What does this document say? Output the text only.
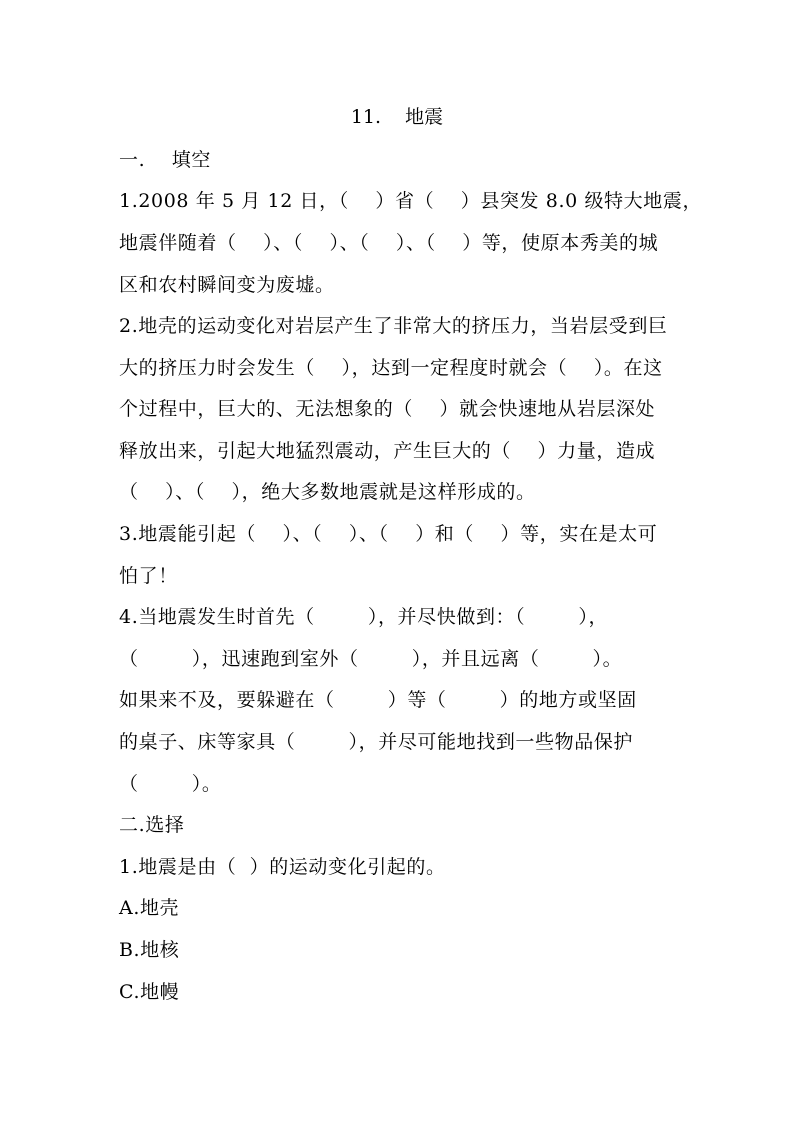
11.    地震
一.    填空
1.2008 年 5 月 12 日，（    ）省（    ）县突发 8.0 级特大地震，
地震伴随着（    ）、（    ）、（    ）、（    ）等，使原本秀美的城
区和农村瞬间变为废墟。
2.地壳的运动变化对岩层产生了非常大的挤压力，当岩层受到巨
大的挤压力时会发生（    ），达到一定程度时就会（    ）。在这
个过程中，巨大的、无法想象的（    ）就会快速地从岩层深处
释放出来，引起大地猛烈震动，产生巨大的（    ）力量，造成
（    ）、（    ），绝大多数地震就是这样形成的。
3.地震能引起（    ）、（    ）、（    ）和（    ）等，实在是太可
怕了！
4.当地震发生时首先（        ），并尽快做到：（        ），
（        ），迅速跑到室外（        ），并且远离（        ）。
如果来不及，要躲避在（        ）等（        ）的地方或坚固
的桌子、床等家具（        ），并尽可能地找到一些物品保护
（        ）。
二.选择
1.地震是由（  ）的运动变化引起的。
A.地壳
B.地核
C.地幔
